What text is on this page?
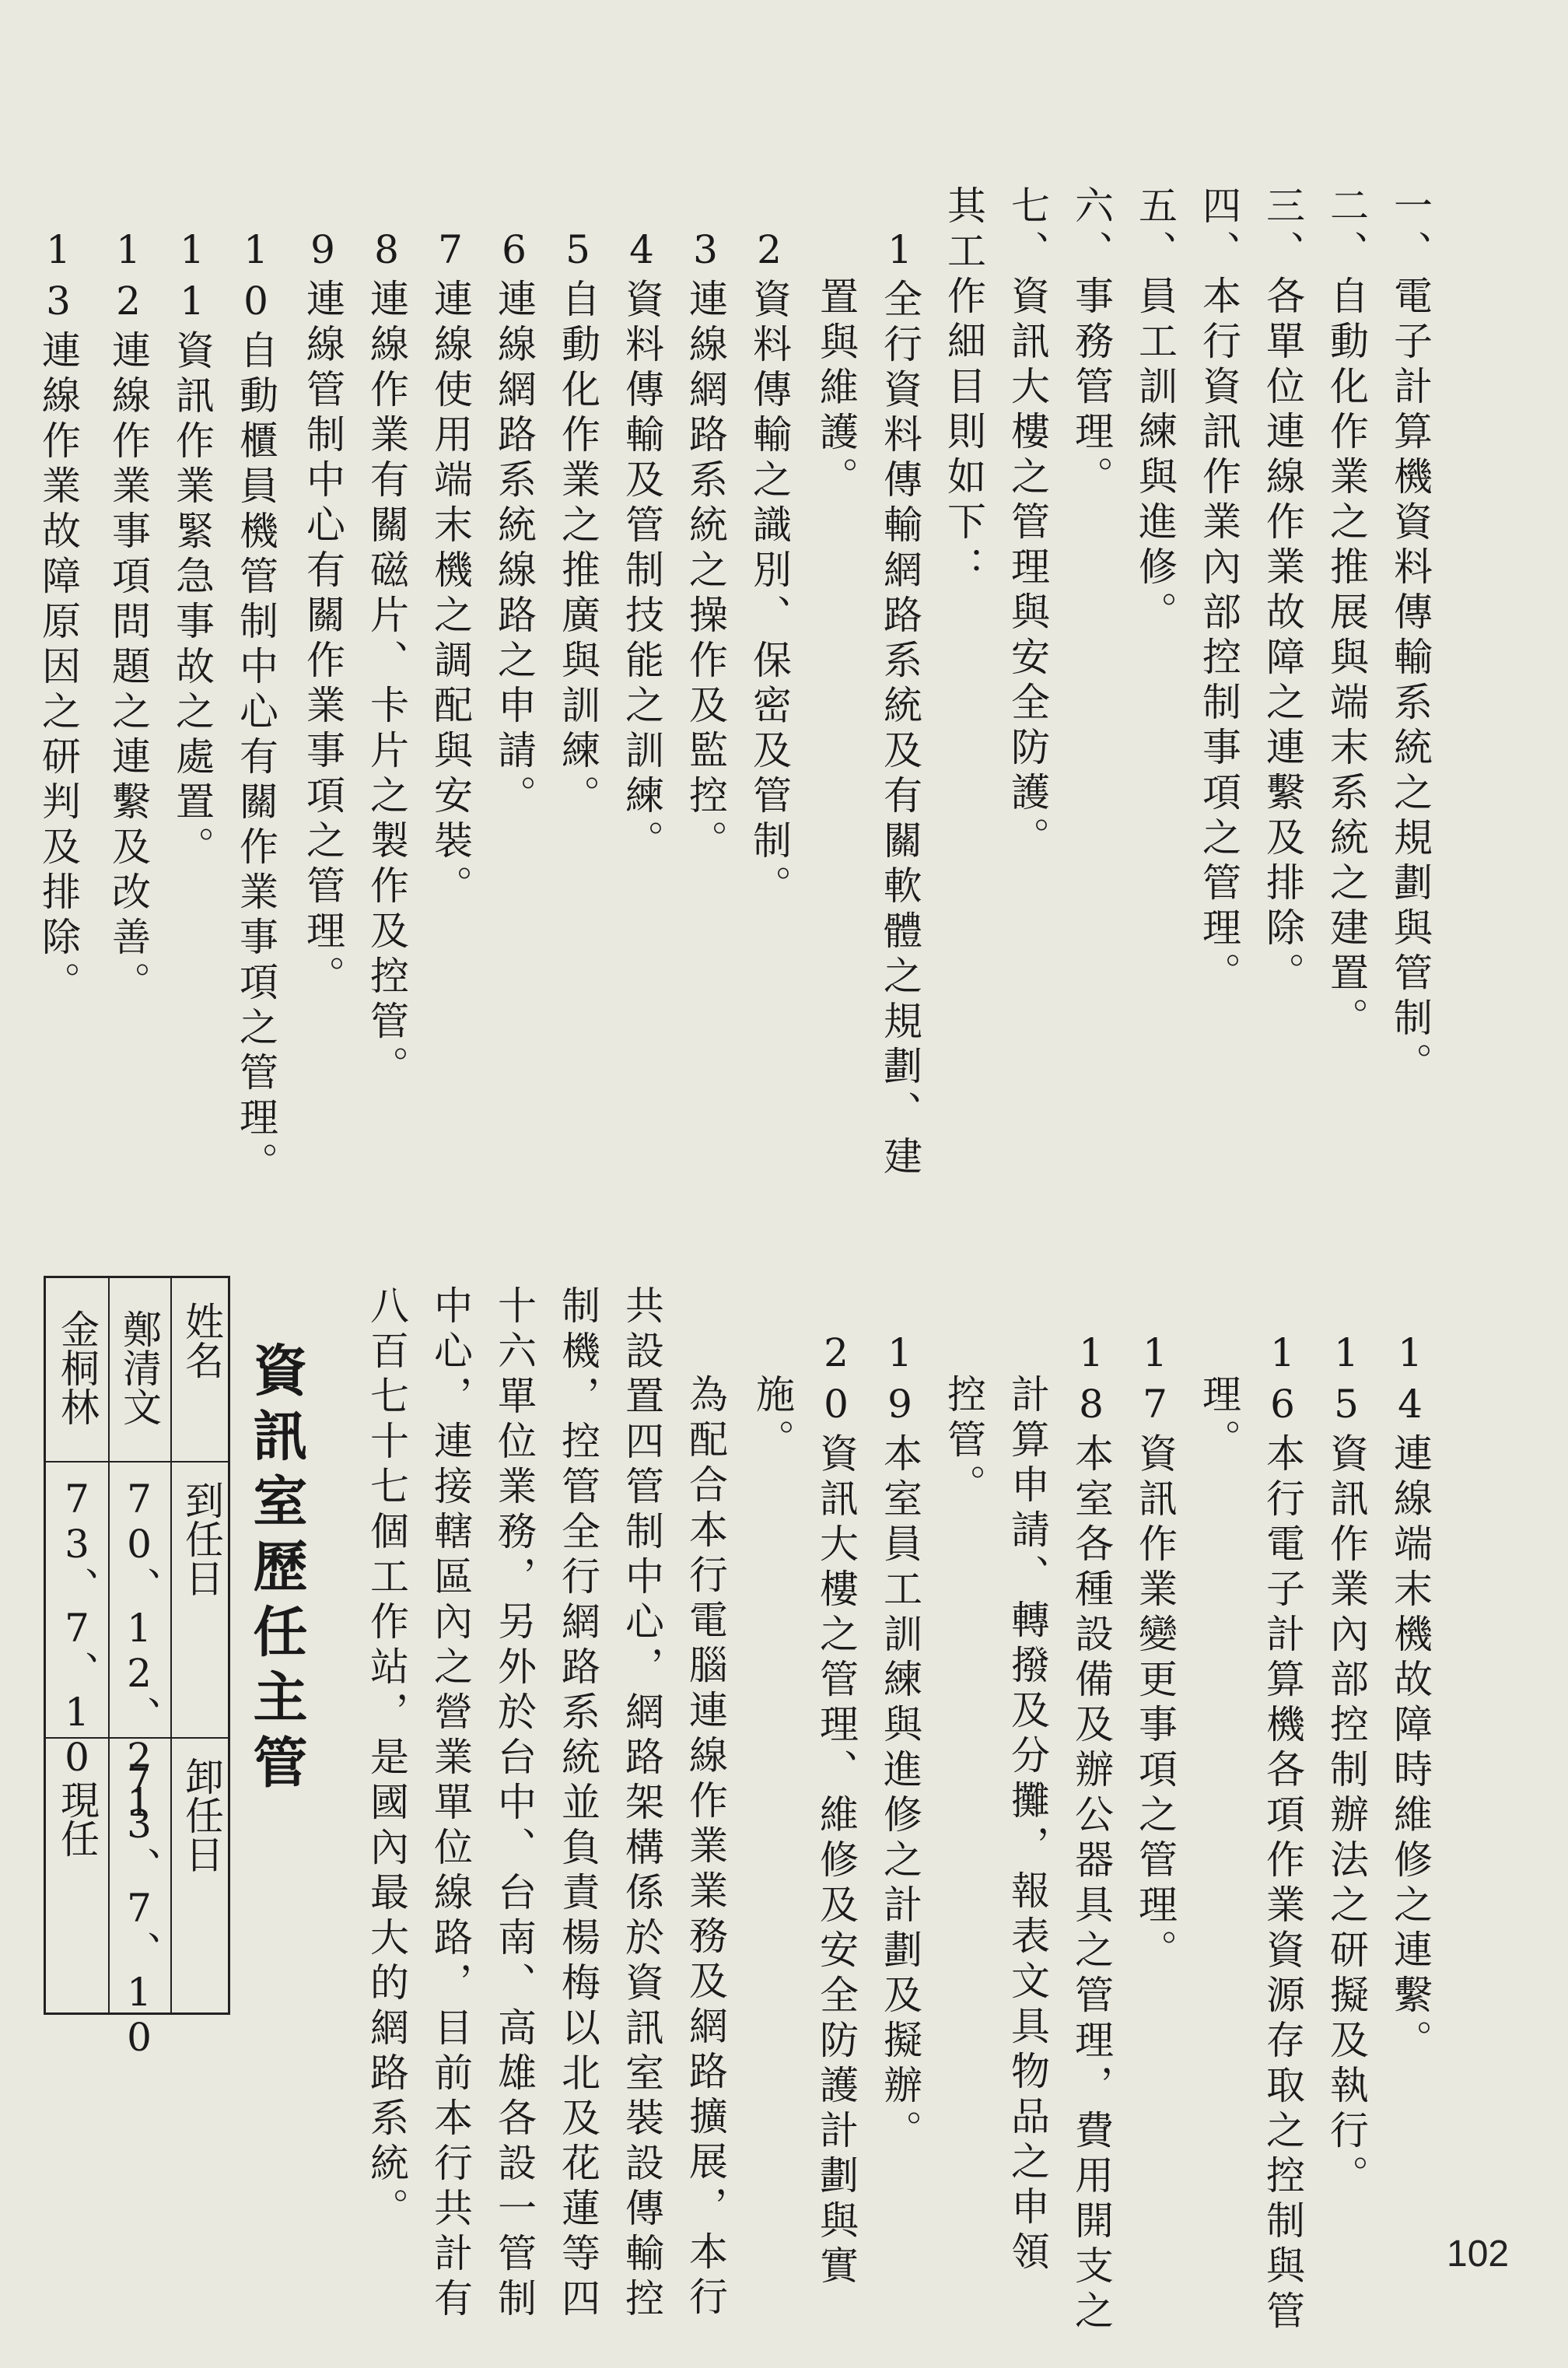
一、電子計算機資料傳輸系統之規劃與管制。
二、自動化作業之推展與端末系統之建置。
三、各單位連線作業故障之連繫及排除。
四、本行資訊作業內部控制事項之管理。
五、員工訓練與進修。
六、事務管理。
七、資訊大樓之管理與安全防護。
其工作細目則如下：
1全行資料傳輸網路系統及有關軟體之規劃、建
置與維護。
2資料傳輸之識別、保密及管制。
3連線網路系統之操作及監控。
4資料傳輸及管制技能之訓練。
5自動化作業之推廣與訓練。
6連線網路系統線路之申請。
7連線使用端末機之調配與安裝。
8連線作業有關磁片、卡片之製作及控管。
9連線管制中心有關作業事項之管理。
10自動櫃員機管制中心有關作業事項之管理。
11資訊作業緊急事故之處置。
12連線作業事項問題之連繫及改善。
13連線作業故障原因之研判及排除。
14連線端末機故障時維修之連繫。
15資訊作業內部控制辦法之研擬及執行。
16本行電子計算機各項作業資源存取之控制與管
理。
17資訊作業變更事項之管理。
18本室各種設備及辦公器具之管理，費用開支之
計算申請、轉撥及分攤，報表文具物品之申領
控管。
19本室員工訓練與進修之計劃及擬辦。
20資訊大樓之管理、維修及安全防護計劃與實
施。
為配合本行電腦連線作業業務及網路擴展，本行
共設置四管制中心，網路架構係於資訊室裝設傳輸控
制機，控管全行網路系統並負責楊梅以北及花蓮等四
十六單位業務，另外於台中、台南、高雄各設一管制
中心，連接轄區內之營業單位線路，目前本行共計有
八百七十七個工作站，是國內最大的網路系統。
資訊室歷任主管
姓名
到任日
卸任日
鄭清文
70、12、21
73、7、10
金桐林
73、7、10
現任
102
